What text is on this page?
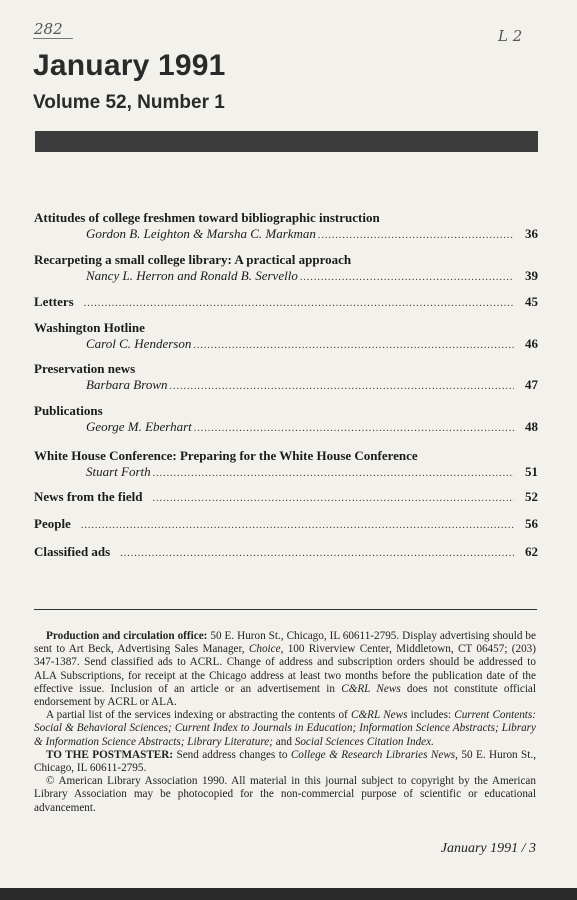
282	L 2
January 1991
Volume 52, Number 1
Attitudes of college freshmen toward bibliographic instruction
Gordon B. Leighton & Marsha C. Markman .....	36
Recarpeting a small college library: A practical approach
Nancy L. Herron and Ronald B. Servello .....	39
Letters .....	45
Washington Hotline
Carol C. Henderson .....	46
Preservation news
Barbara Brown .....	47
Publications
George M. Eberhart .....	48
White House Conference: Preparing for the White House Conference
Stuart Forth .....	51
News from the field .....	52
People .....	56
Classified ads .....	62

Production and circulation office: 50 E. Huron St., Chicago, IL 60611-2795. Display advertising should be sent to Art Beck, Advertising Sales Manager, Choice, 100 Riverview Center, Middletown, CT 06457; (203) 347-1387. Send classified ads to ACRL. Change of address and subscription orders should be addressed to ALA Subscriptions, for receipt at the Chicago address at least two months before the publication date of the effective issue. Inclusion of an article or an advertisement in C&RL News does not constitute official endorsement by ACRL or ALA.

A partial list of the services indexing or abstracting the contents of C&RL News includes: Current Contents: Social & Behavioral Sciences; Current Index to Journals in Education; Information Science Abstracts; Library & Information Science Abstracts; Library Literature; and Social Sciences Citation Index.

TO THE POSTMASTER: Send address changes to College & Research Libraries News, 50 E. Huron St., Chicago, IL 60611-2795.

© American Library Association 1990. All material in this journal subject to copyright by the American Library Association may be photocopied for the non-commercial purpose of scientific or educational advancement.

January 1991 / 3
